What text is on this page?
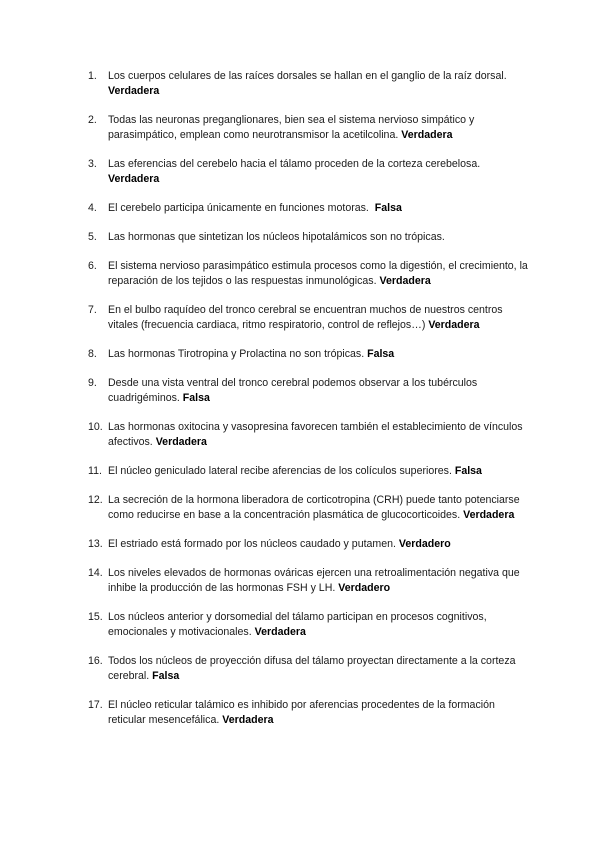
1.	Los cuerpos celulares de las raíces dorsales se hallan en el ganglio de la raíz dorsal.
Verdadera
2.	Todas las neuronas preganglionares, bien sea el sistema nervioso simpático y parasimpático, emplean como neurotransmisor la acetilcolina. Verdadera
3.	Las eferencias del cerebelo hacia el tálamo proceden de la corteza cerebelosa.
Verdadera
4.	El cerebelo participa únicamente en funciones motoras. Falsa
5.	Las hormonas que sintetizan los núcleos hipotalámicos son no trópicas.
6.	El sistema nervioso parasimpático estimula procesos como la digestión, el crecimiento, la reparación de los tejidos o las respuestas inmunológicas. Verdadera
7.	En el bulbo raquídeo del tronco cerebral se encuentran muchos de nuestros centros vitales (frecuencia cardiaca, ritmo respiratorio, control de reflejos…) Verdadera
8.	Las hormonas Tirotropina y Prolactina no son trópicas. Falsa
9.	Desde una vista ventral del tronco cerebral podemos observar a los tubérculos cuadrigéminos. Falsa
10. Las hormonas oxitocina y vasopresina favorecen también el establecimiento de vínculos afectivos. Verdadera
11. El núcleo geniculado lateral recibe aferencias de los colículos superiores. Falsa
12. La secreción de la hormona liberadora de corticotropina (CRH) puede tanto potenciarse como reducirse en base a la concentración plasmática de glucocorticoides. Verdadera
13. El estriado está formado por los núcleos caudado y putamen. Verdadero
14. Los niveles elevados de hormonas ováricas ejercen una retroalimentación negativa que inhibe la producción de las hormonas FSH y LH. Verdadero
15. Los núcleos anterior y dorsomedial del tálamo participan en procesos cognitivos, emocionales y motivacionales. Verdadera
16. Todos los núcleos de proyección difusa del tálamo proyectan directamente a la corteza cerebral. Falsa
17. El núcleo reticular talámico es inhibido por aferencias procedentes de la formación reticular mesencefálica. Verdadera
